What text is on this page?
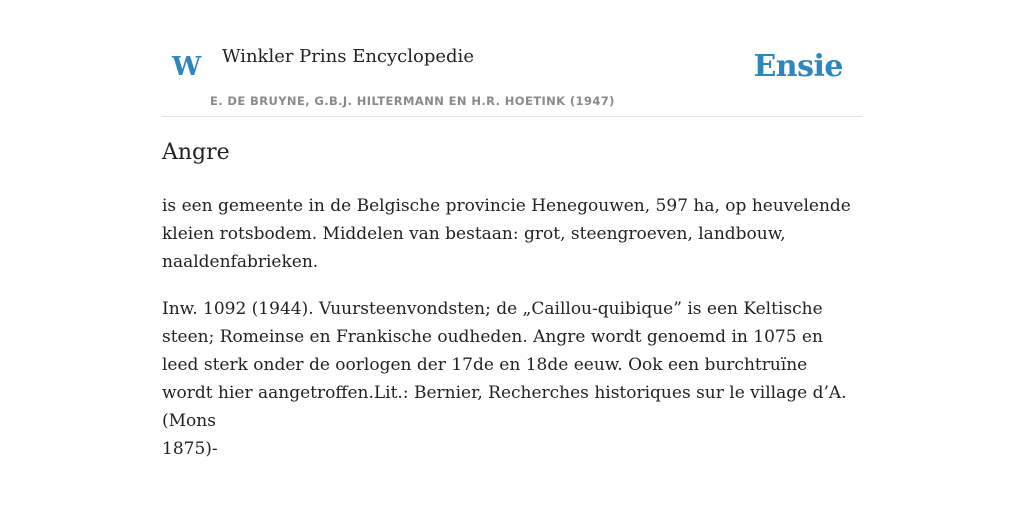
W Winkler Prins Encyclopedie
E. DE BRUYNE, G.B.J. HILTERMANN EN H.R. HOETINK (1947)
Ensie
Angre

is een gemeente in de Belgische provincie Henegouwen, 597 ha, op heuvelende kleien rotsbodem. Middelen van bestaan: grot, steengroeven, landbouw, naaldenfabrieken.

Inw. 1092 (1944). Vuursteenvondsten; de „Caillou-quibique” is een Keltische steen; Romeinse en Frankische oudheden. Angre wordt genoemd in 1075 en leed sterk onder de oorlogen der 17de en 18de eeuw. Ook een burchtruïne wordt hier aangetroffen.Lit.: Bernier, Recherches historiques sur le village d’A. (Mons

1875)-
